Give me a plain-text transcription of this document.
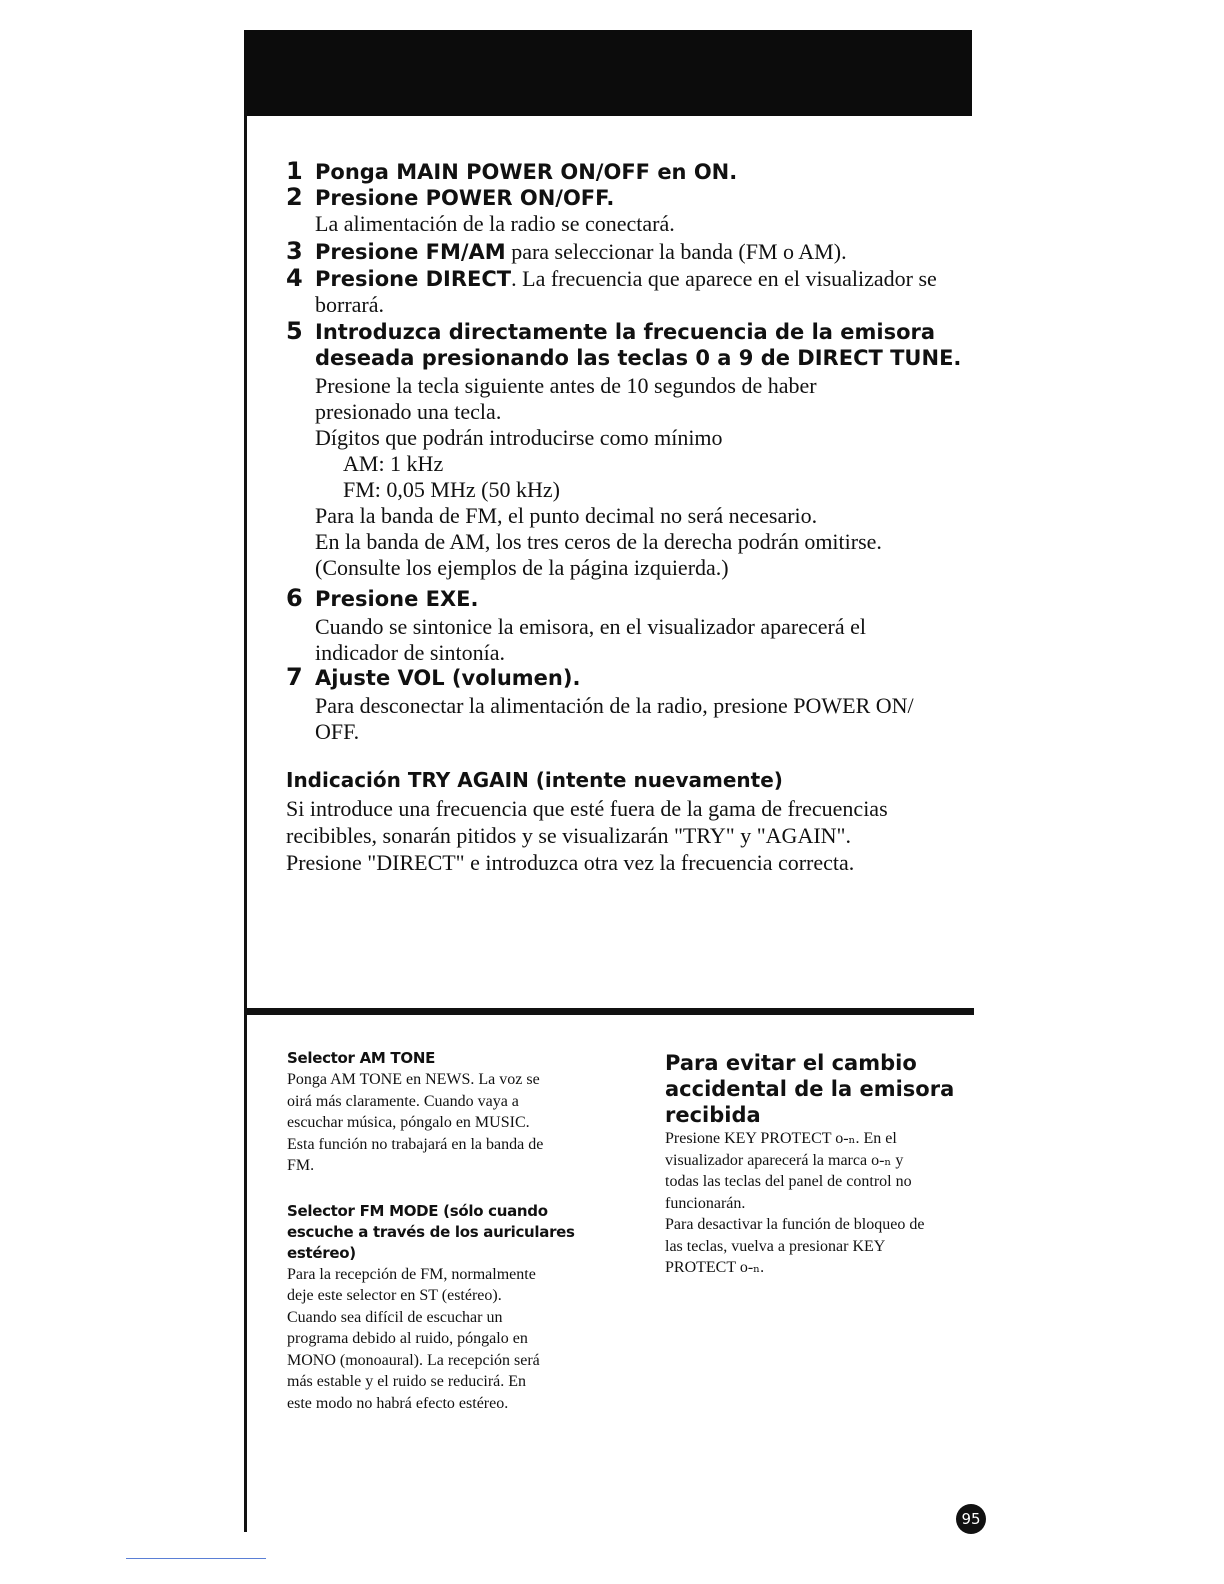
1 Ponga MAIN POWER ON/OFF en ON.
2 Presione POWER ON/OFF.
La alimentación de la radio se conectará.
3 Presione FM/AM para seleccionar la banda (FM o AM).
4 Presione DIRECT. La frecuencia que aparece en el visualizador se
borrará.
5 Introduzca directamente la frecuencia de la emisora
deseada presionando las teclas 0 a 9 de DIRECT TUNE.
Presione la tecla siguiente antes de 10 segundos de haber
presionado una tecla.
Dígitos que podrán introducirse como mínimo
AM: 1 kHz
FM: 0,05 MHz (50 kHz)
Para la banda de FM, el punto decimal no será necesario.
En la banda de AM, los tres ceros de la derecha podrán omitirse.
(Consulte los ejemplos de la página izquierda.)
6 Presione EXE.
Cuando se sintonice la emisora, en el visualizador aparecerá el
indicador de sintonía.
7 Ajuste VOL (volumen).
Para desconectar la alimentación de la radio, presione POWER ON/
OFF.
Indicación TRY AGAIN (intente nuevamente)
Si introduce una frecuencia que esté fuera de la gama de frecuencias
recibibles, sonarán pitidos y se visualizarán "TRY" y "AGAIN".
Presione "DIRECT" e introduzca otra vez la frecuencia correcta.
Selector AM TONE
Ponga AM TONE en NEWS. La voz se
oirá más claramente. Cuando vaya a
escuchar música, póngalo en MUSIC.
Esta función no trabajará en la banda de
FM.
Selector FM MODE (sólo cuando
escuche a través de los auriculares
estéreo)
Para la recepción de FM, normalmente
deje este selector en ST (estéreo).
Cuando sea difícil de escuchar un
programa debido al ruido, póngalo en
MONO (monoaural). La recepción será
más estable y el ruido se reducirá. En
este modo no habrá efecto estéreo.
Para evitar el cambio
accidental de la emisora
recibida
Presione KEY PROTECT o-ₙ. En el
visualizador aparecerá la marca o-ₙ y
todas las teclas del panel de control no
funcionarán.
Para desactivar la función de bloqueo de
las teclas, vuelva a presionar KEY
PROTECT o-ₙ.
95
